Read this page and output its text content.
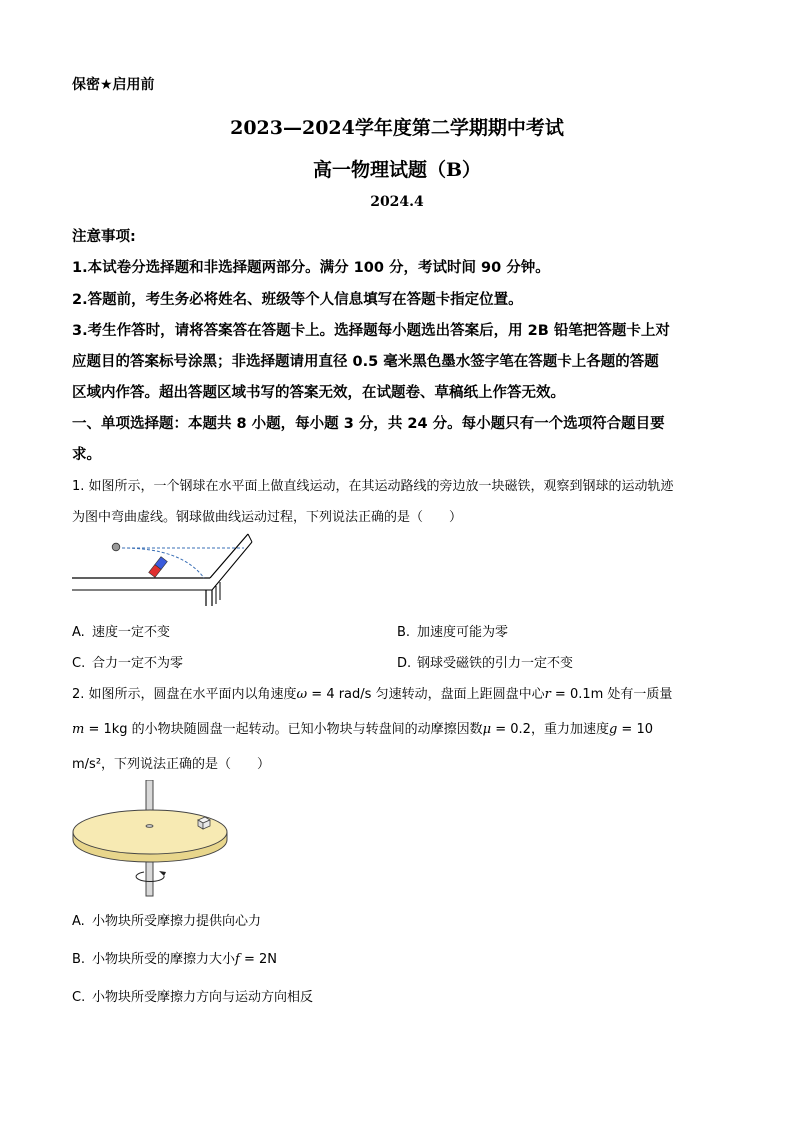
保密★启用前
2023—2024学年度第二学期期中考试
高一物理试题（B）
2024.4
注意事项:
1.本试卷分选择题和非选择题两部分。满分 100 分，考试时间 90 分钟。
2.答题前，考生务必将姓名、班级等个人信息填写在答题卡指定位置。
3.考生作答时，请将答案答在答题卡上。选择题每小题选出答案后，用 2B 铅笔把答题卡上对
应题目的答案标号涂黑；非选择题请用直径 0.5 毫米黑色墨水签字笔在答题卡上各题的答题
区域内作答。超出答题区域书写的答案无效，在试题卷、草稿纸上作答无效。
一、单项选择题：本题共 8 小题，每小题 3 分，共 24 分。每小题只有一个选项符合题目要
求。
1. 如图所示，一个钢球在水平面上做直线运动，在其运动路线的旁边放一块磁铁，观察到钢球的运动轨迹
为图中弯曲虚线。钢球做曲线运动过程，下列说法正确的是（　　）
A. 速度一定不变	B. 加速度可能为零
C. 合力一定不为零	D. 钢球受磁铁的引力一定不变
2. 如图所示，圆盘在水平面内以角速度ω = 4 rad/s 匀速转动，盘面上距圆盘中心r = 0.1m 处有一质量
m = 1kg 的小物块随圆盘一起转动。已知小物块与转盘间的动摩擦因数μ = 0.2，重力加速度g = 10
m/s²，下列说法正确的是（　　）
A. 小物块所受摩擦力提供向心力
B. 小物块所受的摩擦力大小f = 2N
C. 小物块所受摩擦力方向与运动方向相反
